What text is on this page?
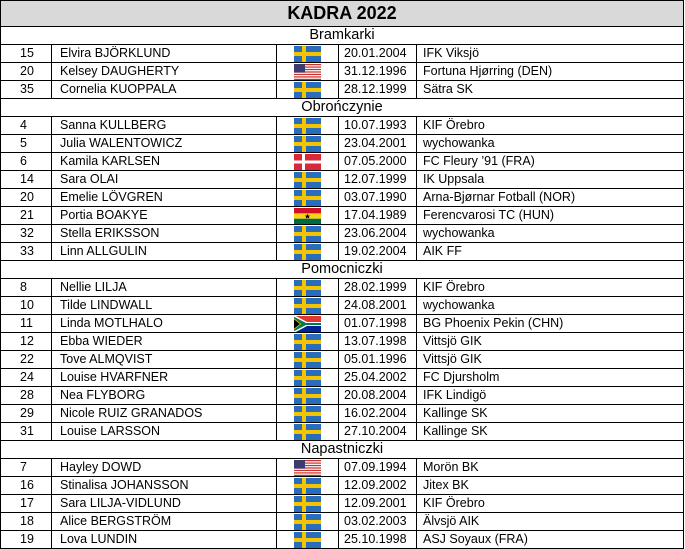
KADRA 2022
Bramkarki
15	Elvira BJÖRKLUND	20.01.2004	IFK Viksjö
20	Kelsey DAUGHERTY	31.12.1996	Fortuna Hjørring (DEN)
35	Cornelia KUOPPALA	28.12.1999	Sätra SK
Obrończynie
4	Sanna KULLBERG	10.07.1993	KIF Örebro
5	Julia WALENTOWICZ	23.04.2001	wychowanka
6	Kamila KARLSEN	07.05.2000	FC Fleury ’91 (FRA)
14	Sara OLAI	12.07.1999	IK Uppsala
20	Emelie LÖVGREN	03.07.1990	Arna-Bjørnar Fotball (NOR)
21	Portia BOAKYE	17.04.1989	Ferencvarosi TC (HUN)
32	Stella ERIKSSON	23.06.2004	wychowanka
33	Linn ALLGULIN	19.02.2004	AIK FF
Pomocniczki
8	Nellie LILJA	28.02.1999	KIF Örebro
10	Tilde LINDWALL	24.08.2001	wychowanka
11	Linda MOTLHALO	01.07.1998	BG Phoenix Pekin (CHN)
12	Ebba WIEDER	13.07.1998	Vittsjö GIK
22	Tove ALMQVIST	05.01.1996	Vittsjö GIK
24	Louise HVARFNER	25.04.2002	FC Djursholm
28	Nea FLYBORG	20.08.2004	IFK Lindigö
29	Nicole RUIZ GRANADOS	16.02.2004	Kallinge SK
31	Louise LARSSON	27.10.2004	Kallinge SK
Napastniczki
7	Hayley DOWD	07.09.1994	Morön BK
16	Stinalisa JOHANSSON	12.09.2002	Jitex BK
17	Sara LILJA-VIDLUND	12.09.2001	KIF Örebro
18	Alice BERGSTRÖM	03.02.2003	Älvsjö AIK
19	Lova LUNDIN	25.10.1998	ASJ Soyaux (FRA)
